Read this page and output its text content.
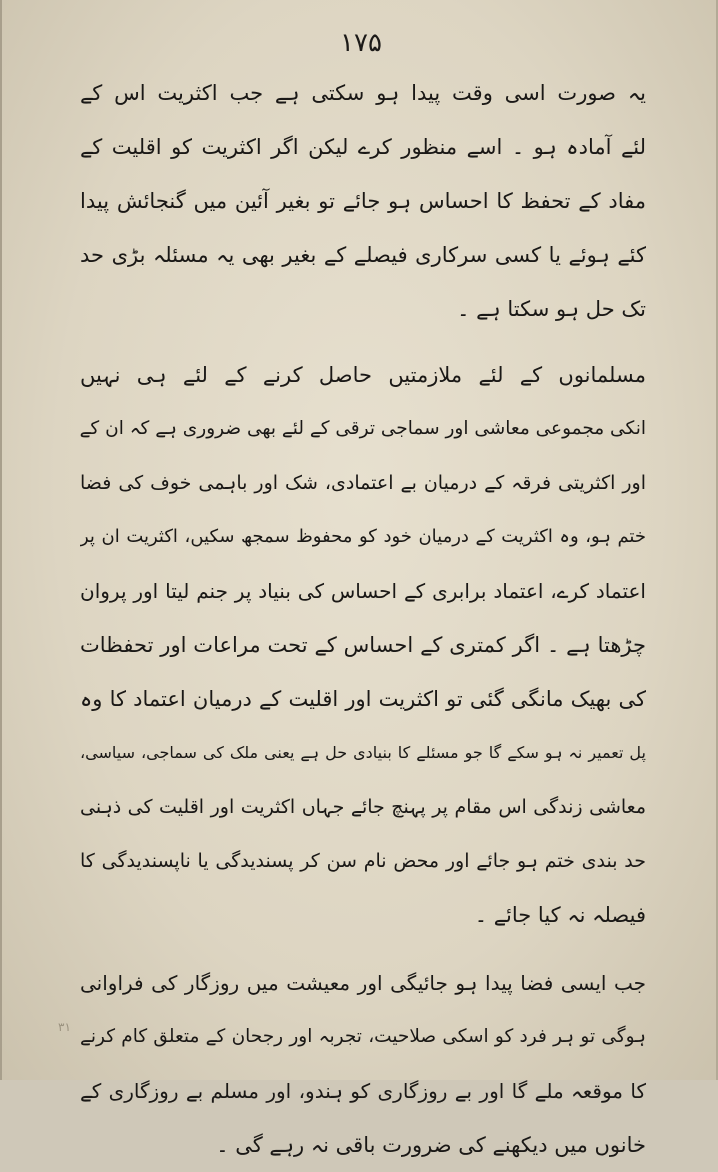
۱۷۵
یہ صورت اسی وقت پیدا ہو سکتی ہے جب اکثریت اس کے
لئے آمادہ ہو ۔ اسے منظور کرے لیکن اگر اکثریت کو اقلیت کے
مفاد کے تحفظ کا احساس ہو جائے تو بغیر آئین میں گنجائش پیدا
کئے ہوئے یا کسی سرکاری فیصلے کے بغیر بھی یہ مسئلہ بڑی حد
تک حل ہو سکتا ہے ۔
مسلمانوں کے لئے ملازمتیں حاصل کرنے کے لئے ہی نہیں
انکی مجموعی معاشی اور سماجی ترقی کے لئے بھی ضروری ہے کہ ان کے
اور اکثریتی فرقہ کے درمیان بے اعتمادی، شک اور باہمی خوف کی فضا
ختم ہو، وہ اکثریت کے درمیان خود کو محفوظ سمجھ سکیں، اکثریت ان پر
اعتماد کرے، اعتماد برابری کے احساس کی بنیاد پر جنم لیتا اور پروان
چڑھتا ہے ۔ اگر کمتری کے احساس کے تحت مراعات اور تحفظات
کی بھیک مانگی گئی تو اکثریت اور اقلیت کے درمیان اعتماد کا وہ
پل تعمیر نہ ہو سکے گا جو مسئلے کا بنیادی حل ہے یعنی ملک کی سماجی، سیاسی،
معاشی زندگی اس مقام پر پہنچ جائے جہاں اکثریت اور اقلیت کی ذہنی
حد بندی ختم ہو جائے اور محض نام سن کر پسندیدگی یا ناپسندیدگی کا
فیصلہ نہ کیا جائے ۔
جب ایسی فضا پیدا ہو جائیگی اور معیشت میں روزگار کی فراوانی
ہوگی تو ہر فرد کو اسکی صلاحیت، تجربہ اور رجحان کے متعلق کام کرنے
کا موقعہ ملے گا اور بے روزگاری کو ہندو، اور مسلم بے روزگاری کے
خانوں میں دیکھنے کی ضرورت باقی نہ رہے گی ۔
٣١
